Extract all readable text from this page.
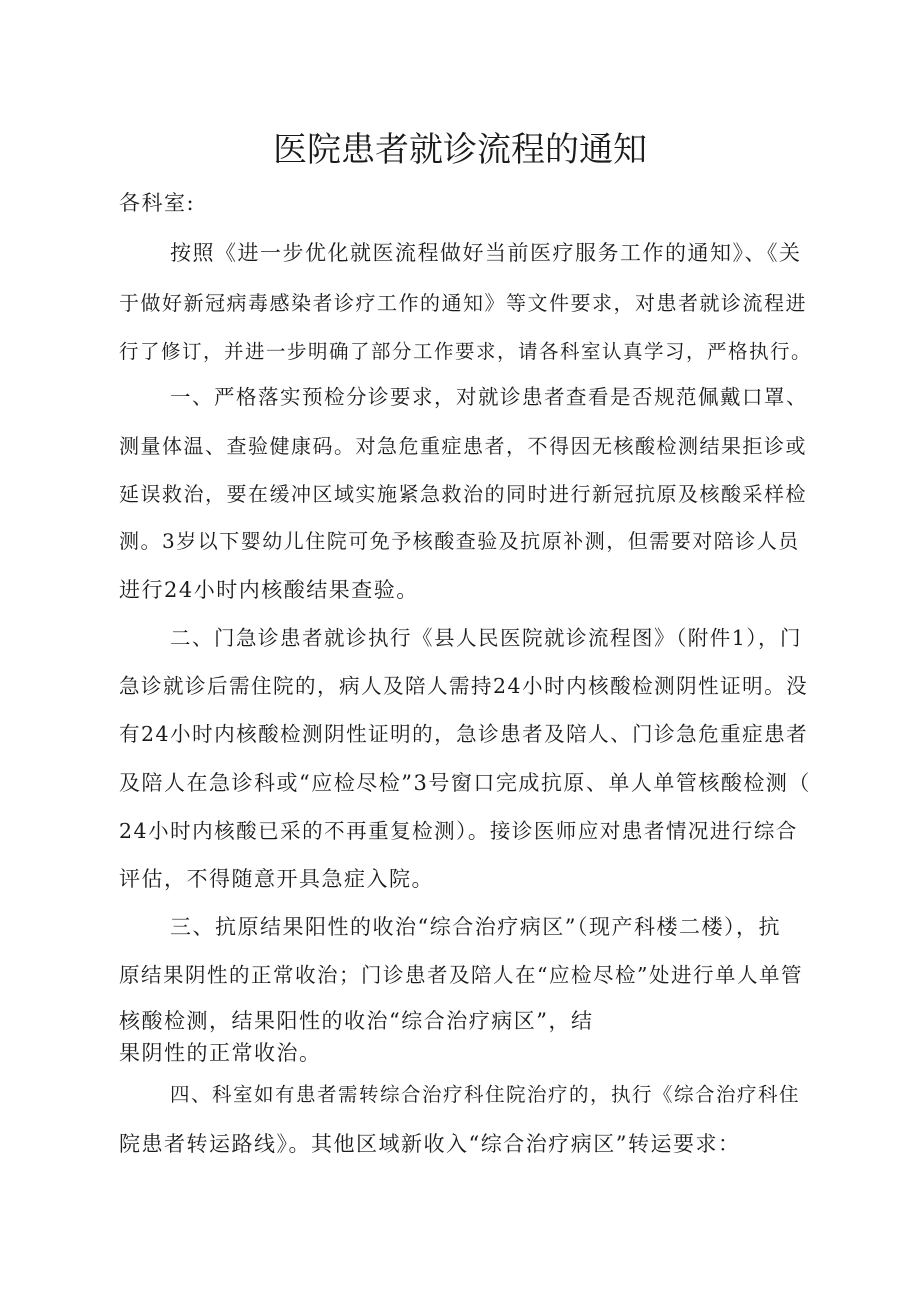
医院患者就诊流程的通知

各科室:

按照《进一步优化就医流程做好当前医疗服务工作的通知》、《关

于做好新冠病毒感染者诊疗工作的通知》等文件要求，对患者就诊流程进

行了修订，并进一步明确了部分工作要求，请各科室认真学习，严格执行。

一、严格落实预检分诊要求，对就诊患者查看是否规范佩戴口罩、

测量体温、查验健康码。对急危重症患者，不得因无核酸检测结果拒诊或

延误救治，要在缓冲区域实施紧急救治的同时进行新冠抗原及核酸采样检

测。3岁以下婴幼儿住院可免予核酸查验及抗原补测，但需要对陪诊人员

进行24小时内核酸结果查验。

二、门急诊患者就诊执行《县人民医院就诊流程图》（附件1），门

急诊就诊后需住院的，病人及陪人需持24小时内核酸检测阴性证明。没

有24小时内核酸检测阴性证明的，急诊患者及陪人、门诊急危重症患者

及陪人在急诊科或“应检尽检”3号窗口完成抗原、单人单管核酸检测（

24小时内核酸已采的不再重复检测）。接诊医师应对患者情况进行综合

评估，不得随意开具急症入院。

三、抗原结果阳性的收治“综合治疗病区”（现产科楼二楼），抗

原结果阴性的正常收治；门诊患者及陪人在“应检尽检”处进行单人单管

核酸检测，结果阳性的收治“综合治疗病区”，结

果阴性的正常收治。

四、科室如有患者需转综合治疗科住院治疗的，执行《综合治疗科住

院患者转运路线》。其他区域新收入“综合治疗病区”转运要求：
